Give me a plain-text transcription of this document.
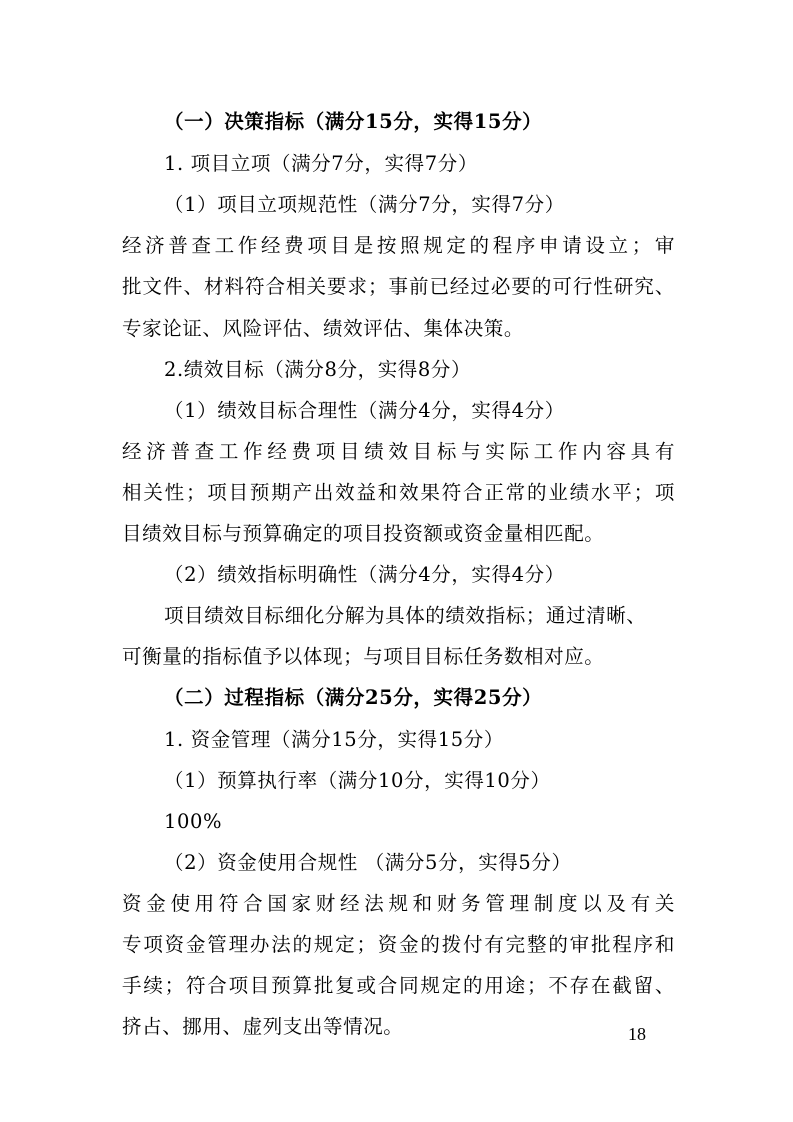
（一）决策指标（满分15分，实得15分）
1. 项目立项（满分7分，实得7分）
（1）项目立项规范性（满分7分，实得7分）
经济普查工作经费项目是按照规定的程序申请设立；审
批文件、材料符合相关要求；事前已经过必要的可行性研究、
专家论证、风险评估、绩效评估、集体决策。
2.绩效目标（满分8分，实得8分）
（1）绩效目标合理性（满分4分，实得4分）
经济普查工作经费项目绩效目标与实际工作内容具有
相关性；项目预期产出效益和效果符合正常的业绩水平；项
目绩效目标与预算确定的项目投资额或资金量相匹配。
（2）绩效指标明确性（满分4分，实得4分）
项目绩效目标细化分解为具体的绩效指标；通过清晰、
可衡量的指标值予以体现；与项目目标任务数相对应。
（二）过程指标（满分25分，实得25分）
1. 资金管理（满分15分，实得15分）
（1）预算执行率（满分10分，实得10分）
100%
（2）资金使用合规性 （满分5分，实得5分）
资金使用符合国家财经法规和财务管理制度以及有关
专项资金管理办法的规定；资金的拨付有完整的审批程序和
手续；符合项目预算批复或合同规定的用途；不存在截留、
挤占、挪用、虚列支出等情况。	18
